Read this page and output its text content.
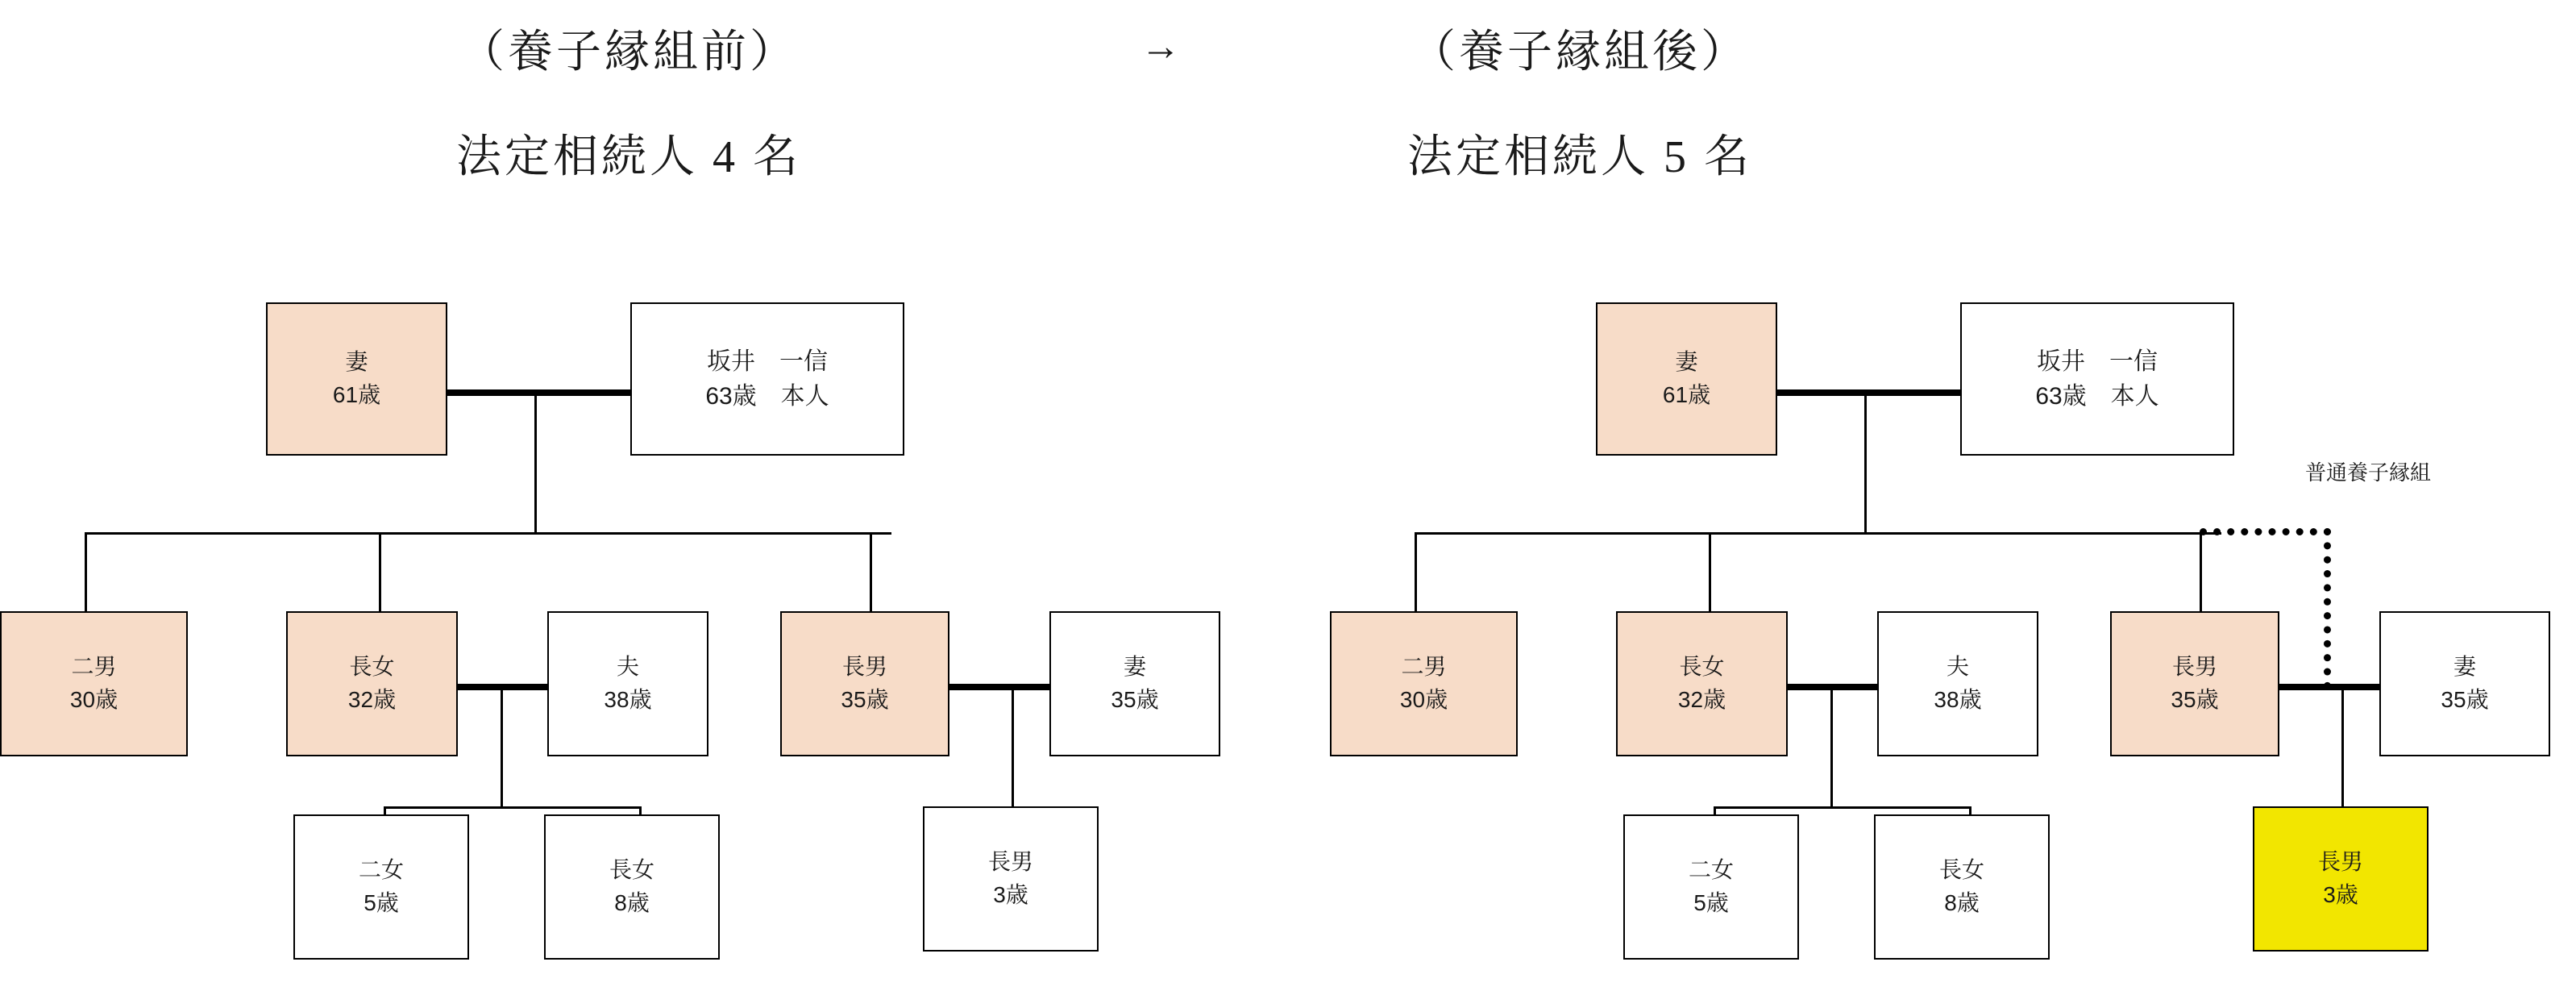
（養子縁組前）
法定相続人 4 名
→	（養子縁組後）
法定相続人 5 名
妻
61歳
坂井　一信
63歳　本人
二男
30歳
長女
32歳
夫
38歳
長男
35歳
妻
35歳
二女
5歳
長女
8歳
長男
3歳
普通養子縁組
妻
61歳
坂井　一信
63歳　本人
二男
30歳
長女
32歳
夫
38歳
長男
35歳
妻
35歳
二女
5歳
長女
8歳
長男
3歳
